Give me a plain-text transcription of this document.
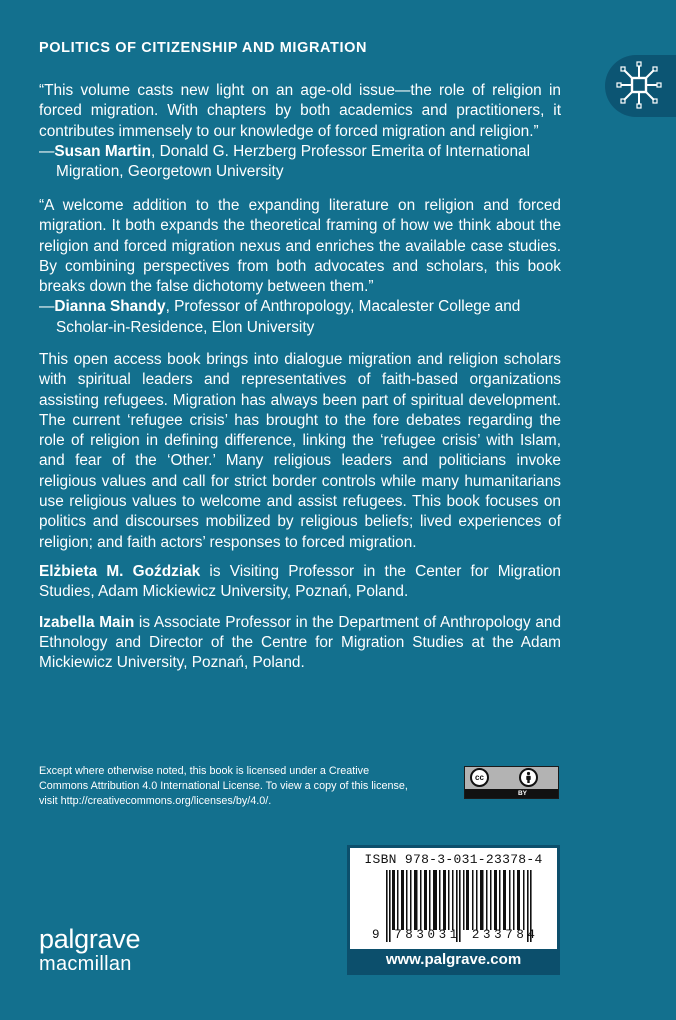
POLITICS OF CITIZENSHIP AND MIGRATION
“This volume casts new light on an age-old issue—the role of religion in forced migration. With chapters by both academics and practitioners, it contributes immensely to our knowledge of forced migration and religion.”
—Susan Martin, Donald G. Herzberg Professor Emerita of International Migration, Georgetown University
“A welcome addition to the expanding literature on religion and forced migration. It both expands the theoretical framing of how we think about the religion and forced migration nexus and enriches the available case studies. By combining perspectives from both advocates and scholars, this book breaks down the false dichotomy between them.”
—Dianna Shandy, Professor of Anthropology, Macalester College and Scholar-in-Residence, Elon University
This open access book brings into dialogue migration and religion scholars with spiritual leaders and representatives of faith-based organizations assisting refugees. Migration has always been part of spiritual development. The current ‘refugee crisis’ has brought to the fore debates regarding the role of religion in defining difference, linking the ‘refugee crisis’ with Islam, and fear of the ‘Other.’ Many religious leaders and politicians invoke religious values and call for strict border controls while many humanitarians use religious values to welcome and assist refugees. This book focuses on politics and discourses mobilized by religious beliefs; lived experiences of religion; and faith actors’ responses to forced migration.

Elżbieta M. Goździak is Visiting Professor in the Center for Migration Studies, Adam Mickiewicz University, Poznań, Poland.

Izabella Main is Associate Professor in the Department of Anthropology and Ethnology and Director of the Centre for Migration Studies at the Adam Mickiewicz University, Poznań, Poland.

Except where otherwise noted, this book is licensed under a Creative Commons Attribution 4.0 International License. To view a copy of this license, visit http://creativecommons.org/licenses/by/4.0/.
cc
BY
ISBN 978-3-031-23378-4
9 783031 233784
www.palgrave.com
palgrave
macmillan
